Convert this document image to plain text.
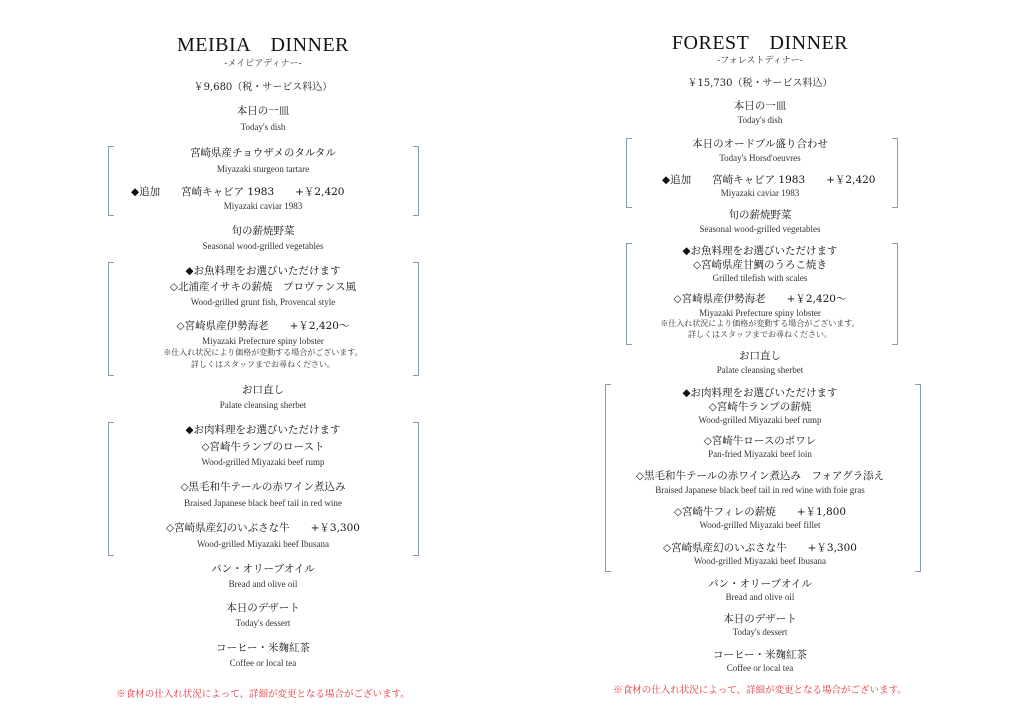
MEIBIA　DINNER
-メイビアディナー-
￥9,680（税・サービス料込）
本日の一皿
Today's dish
宮崎県産チョウザメのタルタル
Miyazaki sturgeon tartare
◆追加　　宮崎キャビア 1983　　+￥2,420
Miyazaki caviar 1983
旬の薪焼野菜
Seasonal wood-grilled vegetables
◆お魚料理をお選びいただけます
◇北浦産イサキの薪焼　プロヴァンス風
Wood-grilled grunt fish, Provencal style
◇宮崎県産伊勢海老　　+￥2,420～
Miyazaki Prefecture spiny lobster
※仕入れ状況により価格が変動する場合がございます。
詳しくはスタッフまでお尋ねください。
お口直し
Palate cleansing sherbet
◆お肉料理をお選びいただけます
◇宮崎牛ランプのロースト
Wood-grilled Miyazaki beef rump
◇黒毛和牛テールの赤ワイン煮込み
Braised Japanese black beef tail in red wine
◇宮崎県産幻のいぶさな牛　　+￥3,300
Wood-grilled Miyazaki beef Ibusana
パン・オリーブオイル
Bread and olive oil
本日のデザート
Today's dessert
コーヒー・米麹紅茶
Coffee or local tea
※食材の仕入れ状況によって、詳細が変更となる場合がございます。
FOREST　DINNER
-フォレストディナー-
￥15,730（税・サービス料込）
本日の一皿
Today's dish
本日のオードブル盛り合わせ
Today's Horsd'oeuvres
◆追加　　宮崎キャビア 1983　　+￥2,420
Miyazaki caviar 1983
旬の薪焼野菜
Seasonal wood-grilled vegetables
◆お魚料理をお選びいただけます
◇宮崎県産甘鯛のうろこ焼き
Grilled tilefish with scales
◇宮崎県産伊勢海老　　+￥2,420～
Miyazaki Prefecture spiny lobster
※仕入れ状況により価格が変動する場合がございます。
詳しくはスタッフまでお尋ねください。
お口直し
Palate cleansing sherbet
◆お肉料理をお選びいただけます
◇宮崎牛ランプの薪焼
Wood-grilled Miyazaki beef rump
◇宮崎牛ロースのポワレ
Pan-fried Miyazaki beef loin
◇黒毛和牛テールの赤ワイン煮込み　フォアグラ添え
Braised Japanese black beef tail in red wine with foie gras
◇宮崎牛フィレの薪焼　　+￥1,800
Wood-grilled Miyazaki beef fillet
◇宮崎県産幻のいぶさな牛　　+￥3,300
Wood-grilled Miyazaki beef Ibusana
パン・オリーブオイル
Bread and olive oil
本日のデザート
Today's dessert
コーヒー・米麹紅茶
Coffee or local tea
※食材の仕入れ状況によって、詳細が変更となる場合がございます。
